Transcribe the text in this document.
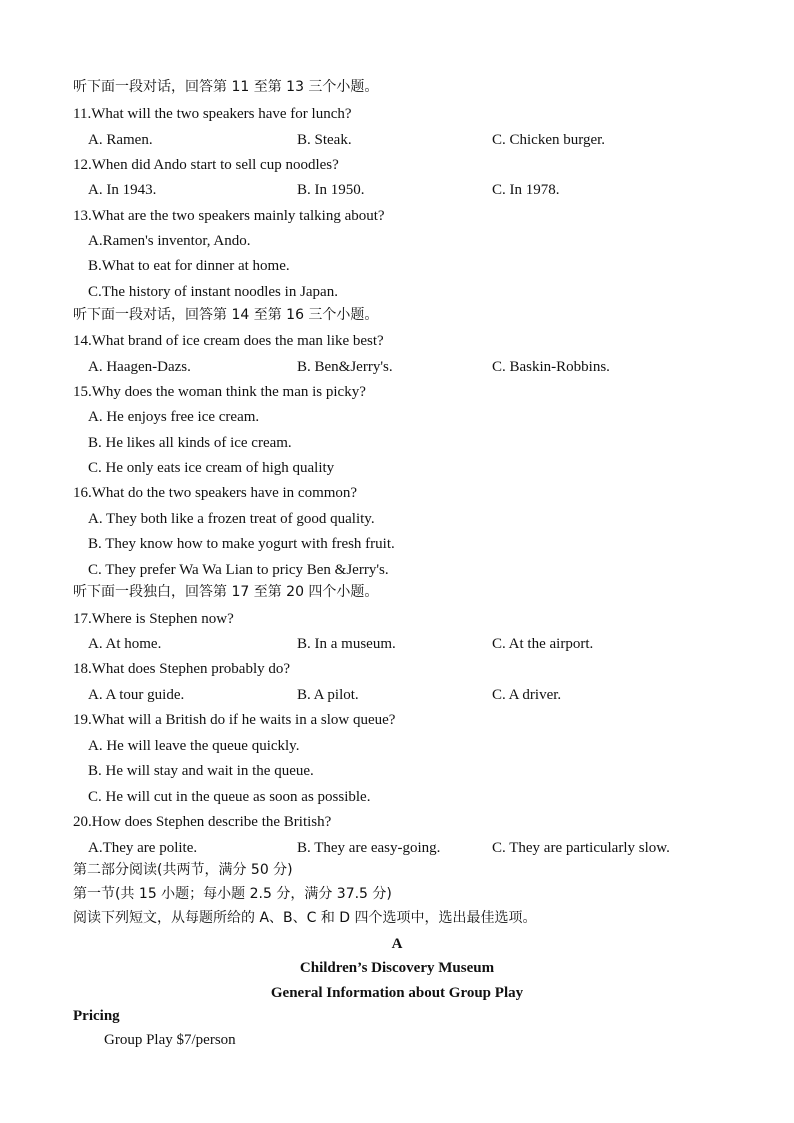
听下面一段对话，回答第 11 至第 13 三个小题。
11.What will the two speakers have for lunch?
A. Ramen.	B. Steak.	C. Chicken burger.
12.When did Ando start to sell cup noodles?
A. In 1943.	B. In 1950.	C. In 1978.
13.What are the two speakers mainly talking about?
A.Ramen's inventor, Ando.
B.What to eat for dinner at home.
C.The history of instant noodles in Japan.
听下面一段对话，回答第 14 至第 16 三个小题。
14.What brand of ice cream does the man like best?
A. Haagen-Dazs.	B. Ben&Jerry's.	C. Baskin-Robbins.
15.Why does the woman think the man is picky?
A. He enjoys free ice cream.
B. He likes all kinds of ice cream.
C. He only eats ice cream of high quality
16.What do the two speakers have in common?
A. They both like a frozen treat of good quality.
B. They know how to make yogurt with fresh fruit.
C. They prefer Wa Wa Lian to pricy Ben &Jerry's.
听下面一段独白，回答第 17 至第 20 四个小题。
17.Where is Stephen now?
A. At home.	B. In a museum.	C. At the airport.
18.What does Stephen probably do?
A. A tour guide.	B. A pilot.	C. A driver.
19.What will a British do if he waits in a slow queue?
A. He will leave the queue quickly.
B. He will stay and wait in the queue.
C. He will cut in the queue as soon as possible.
20.How does Stephen describe the British?
A.They are polite.	B. They are easy-going.	C. They are particularly slow.
第二部分阅读(共两节，满分 50 分)
第一节(共 15 小题；每小题 2.5 分，满分 37.5 分)
阅读下列短文，从每题所给的 A、B、C 和 D 四个选项中，选出最佳选项。
A
Children’s Discovery Museum
General Information about Group Play
Pricing
Group Play $7/person
